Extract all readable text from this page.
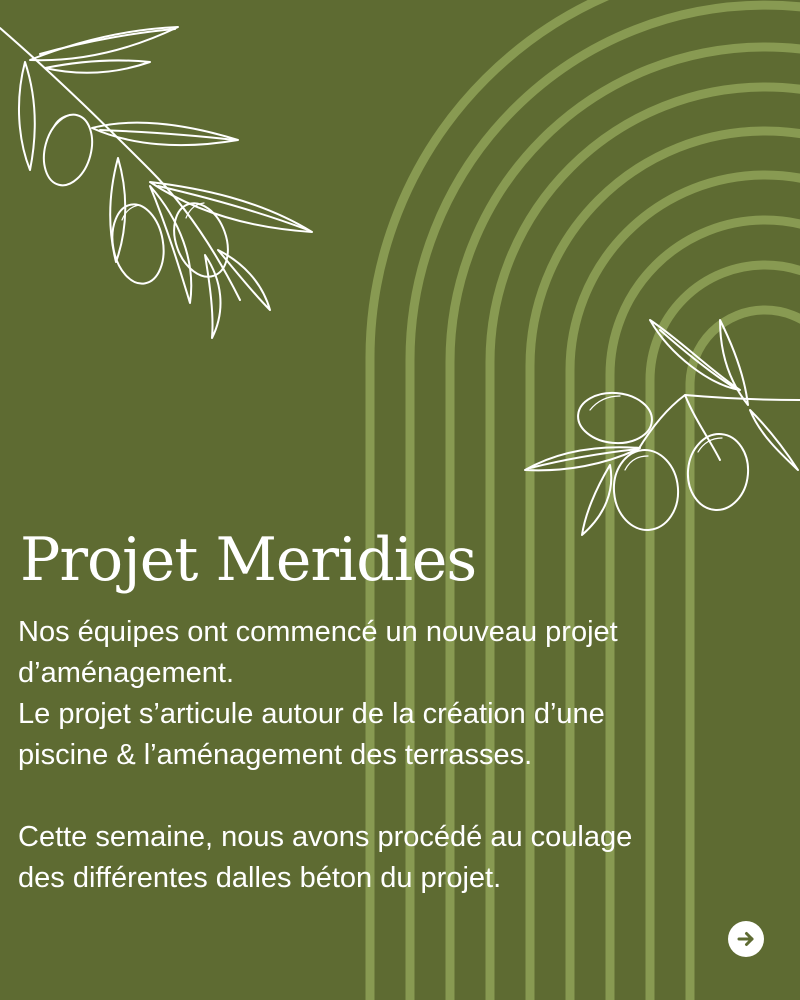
Projet Meridies

Nos équipes ont commencé un nouveau projet

d’aménagement.

Le projet s’articule autour de la création d’une

piscine & l’aménagement des terrasses.

Cette semaine, nous avons procédé au coulage

des différentes dalles béton du projet.
